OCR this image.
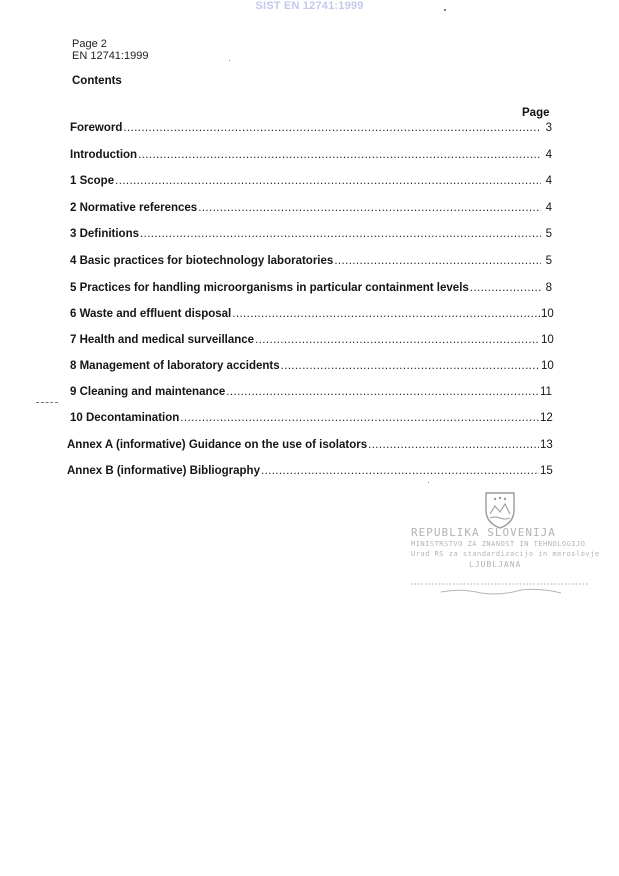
SIST EN 12741:1999
Page 2
EN 12741:1999
Contents
Page
Foreword .....	3
Introduction .....	4
1 Scope .....	4
2 Normative references .....	4
3 Definitions .....	5
4 Basic practices for biotechnology laboratories .....	5
5 Practices for handling microorganisms in particular containment levels .....	8
6 Waste and effluent disposal .....	10
7 Health and medical surveillance .....	10
8 Management of laboratory accidents .....	10
9 Cleaning and maintenance .....	11
10 Decontamination .....	12
Annex A (informative) Guidance on the use of isolators .....	13
Annex B (informative) Bibliography .....	15
REPUBLIKA SLOVENIJA
MINISTRSTVO ZA ZNANOST IN TEHNOLOGIJO
Urad RS za standardizacijo in meroslovje
LJUBLJANA
